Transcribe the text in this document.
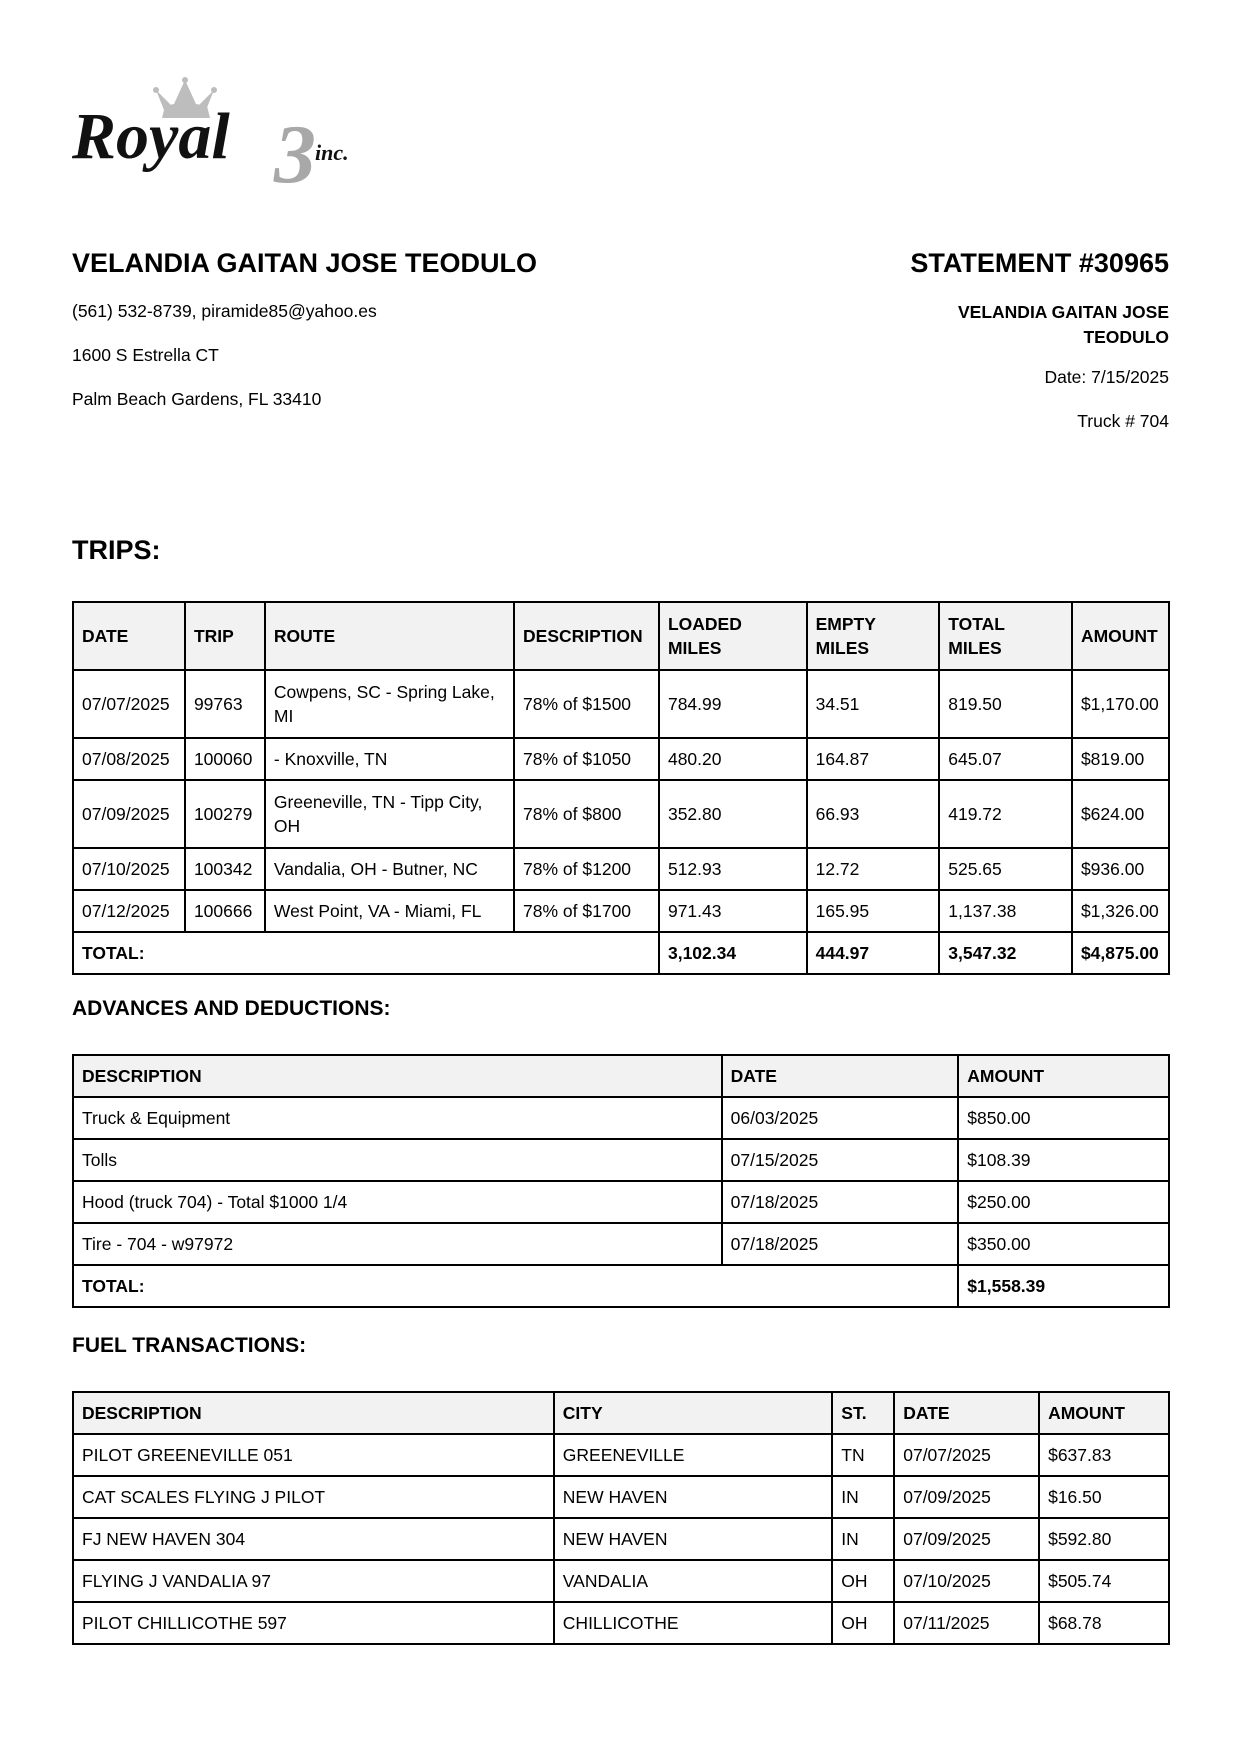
Royal 3 inc.
VELANDIA GAITAN JOSE TEODULO
(561) 532-8739, piramide85@yahoo.es
1600 S Estrella CT
Palm Beach Gardens, FL 33410
STATEMENT #30965
VELANDIA GAITAN JOSE TEODULO
Date: 7/15/2025
Truck # 704
TRIPS:
DATE	TRIP	ROUTE	DESCRIPTION	LOADED MILES	EMPTY MILES	TOTAL MILES	AMOUNT
07/07/2025	99763	Cowpens, SC - Spring Lake, MI	78% of $1500	784.99	34.51	819.50	$1,170.00
07/08/2025	100060	- Knoxville, TN	78% of $1050	480.20	164.87	645.07	$819.00
07/09/2025	100279	Greeneville, TN - Tipp City, OH	78% of $800	352.80	66.93	419.72	$624.00
07/10/2025	100342	Vandalia, OH - Butner, NC	78% of $1200	512.93	12.72	525.65	$936.00
07/12/2025	100666	West Point, VA - Miami, FL	78% of $1700	971.43	165.95	1,137.38	$1,326.00
TOTAL:				3,102.34	444.97	3,547.32	$4,875.00
ADVANCES AND DEDUCTIONS:
DESCRIPTION	DATE	AMOUNT
Truck & Equipment	06/03/2025	$850.00
Tolls	07/15/2025	$108.39
Hood (truck 704) - Total $1000 1/4	07/18/2025	$250.00
Tire - 704 - w97972	07/18/2025	$350.00
TOTAL:		$1,558.39
FUEL TRANSACTIONS:
DESCRIPTION	CITY	ST.	DATE	AMOUNT
PILOT GREENEVILLE 051	GREENEVILLE	TN	07/07/2025	$637.83
CAT SCALES FLYING J PILOT	NEW HAVEN	IN	07/09/2025	$16.50
FJ NEW HAVEN 304	NEW HAVEN	IN	07/09/2025	$592.80
FLYING J VANDALIA 97	VANDALIA	OH	07/10/2025	$505.74
PILOT CHILLICOTHE 597	CHILLICOTHE	OH	07/11/2025	$68.78
